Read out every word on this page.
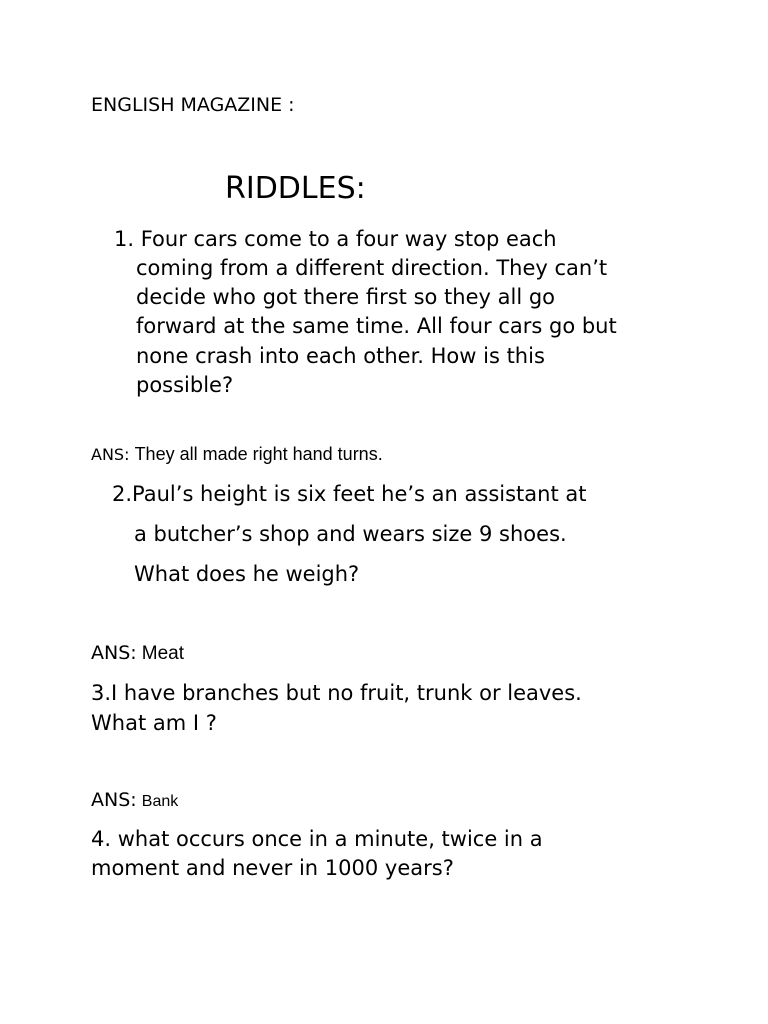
ENGLISH MAGAZINE :
RIDDLES:
1. Four cars come to a four way stop each
coming from a different direction. They can’t
decide who got there first so they all go
forward at the same time. All four cars go but
none crash into each other. How is this
possible?
ANS: They all made right hand turns.
2.Paul’s height is six feet he’s an assistant at
a butcher’s shop and wears size 9 shoes.
What does he weigh?
ANS: Meat
3.I have branches but no fruit, trunk or leaves.
What am I ?
ANS: Bank
4. what occurs once in a minute, twice in a
moment and never in 1000 years?
